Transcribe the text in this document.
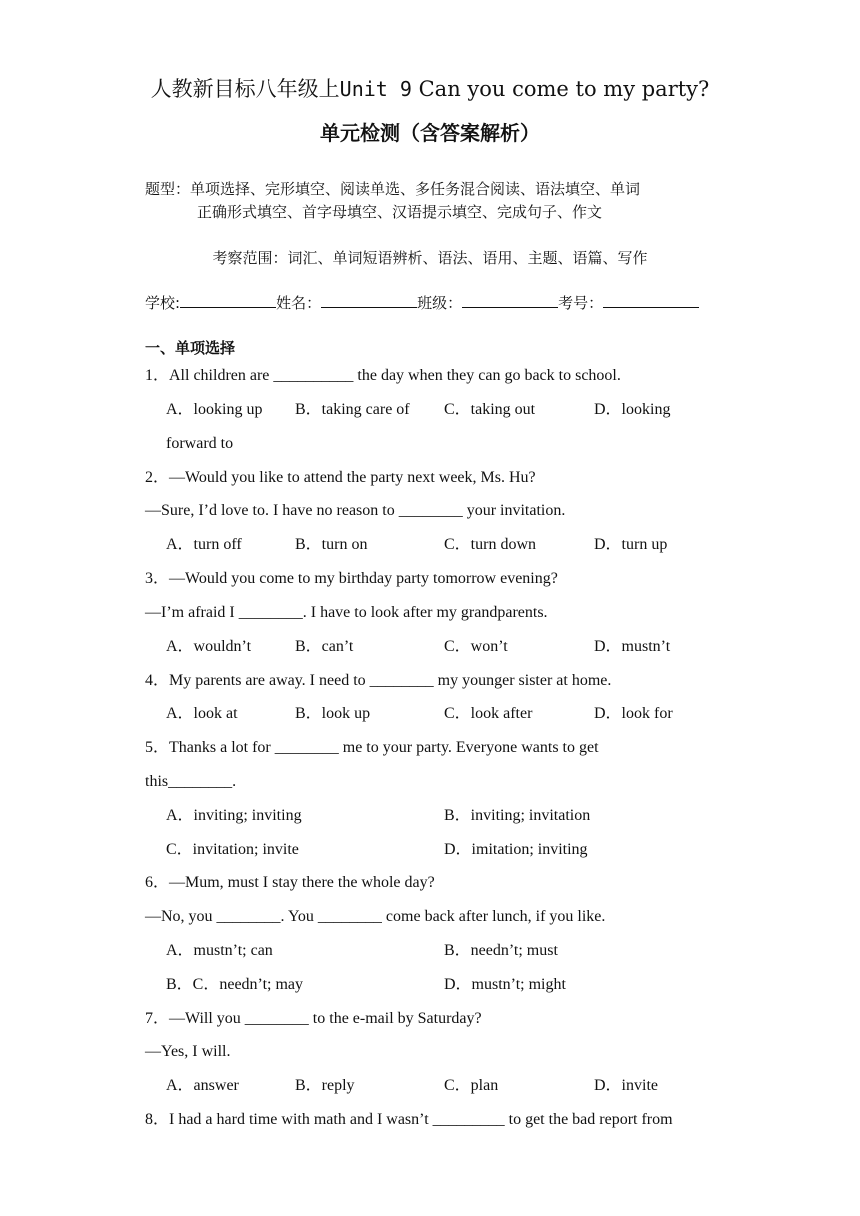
人教新目标八年级上Unit 9 Can you come to my party?
单元检测（含答案解析）
题型：单项选择、完形填空、阅读单选、多任务混合阅读、语法填空、单词
正确形式填空、首字母填空、汉语提示填空、完成句子、作文
考察范围：词汇、单词短语辨析、语法、语用、主题、语篇、写作
学校:	姓名：	班级：	考号：
一、单项选择
1．All children are __________ the day when they can go back to school.
A．looking up B．taking care of C．taking out	D．looking
forward to
2．—Would you like to attend the party next week, Ms. Hu?
—Sure, I’d love to. I have no reason to ________ your invitation.
A．turn off	B．turn on	C．turn down	D．turn up
3．—Would you come to my birthday party tomorrow evening?
—I’m afraid I ________. I have to look after my grandparents.
A．wouldn’t	B．can’t	C．won’t	D．mustn’t
4．My parents are away. I need to ________ my younger sister at home.
A．look at	B．look up	C．look after	D．look for
5．Thanks a lot for ________ me to your party. Everyone wants to get
this________.
A．inviting; inviting	B．inviting; invitation
C．invitation; invite	D．imitation; inviting
6．—Mum, must I stay there the whole day?
—No, you ________. You ________ come back after lunch, if you like.
A．mustn’t; can	B．needn’t; must
B．C．needn’t; may	D．mustn’t; might
7．—Will you ________ to the e-mail by Saturday?
—Yes, I will.
A．answer	B．reply	C．plan	D．invite
8．I had a hard time with math and I wasn’t _________ to get the bad report from
